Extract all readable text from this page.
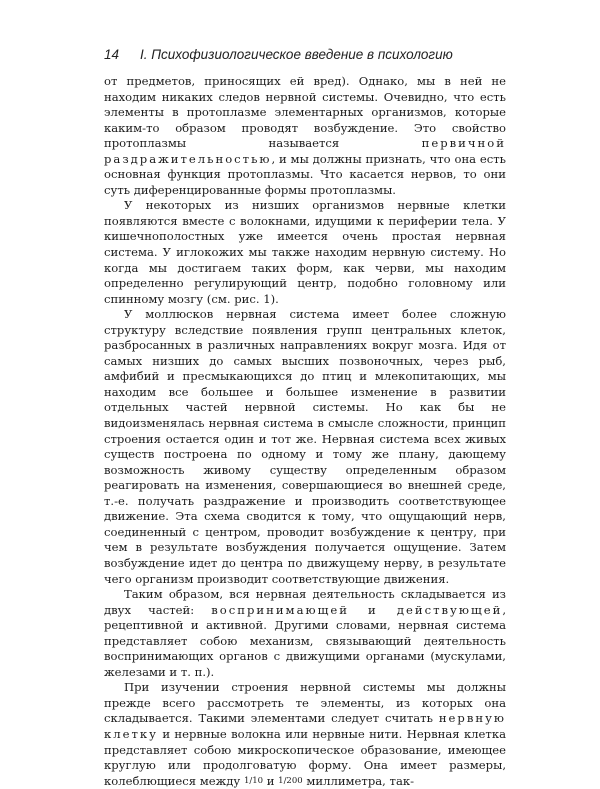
14 I. Психофизиологическое введение в психологию

от предметов, приносящих ей вред). Однако, мы в ней не находим никаких следов нервной системы. Очевидно, что есть элементы в протоплазме элементарных организмов, которые каким-то образом проводят возбуждение. Это свойство протоплазмы называется первичной раздражительностью, и мы должны признать, что она есть основная функция протоплазмы. Что касается нервов, то они суть диференцированные формы протоплазмы.

У некоторых из низших организмов нервные клетки появляются вместе с волокнами, идущими к периферии тела. У кишечнополостных уже имеется очень простая нервная система. У иглокожих мы также находим нервную систему. Но когда мы достигаем таких форм, как черви, мы находим определенно регулирующий центр, подобно головному или спинному мозгу (см. рис. 1).

У моллюсков нервная система имеет более сложную структуру вследствие появления групп центральных клеток, разбросанных в различных направлениях вокруг мозга. Идя от самых низших до самых высших позвоночных, через рыб, амфибий и пресмыкающихся до птиц и млекопитающих, мы находим все большее и большее изменение в развитии отдельных частей нервной системы. Но как бы не видоизменялась нервная система в смысле сложности, принцип строения остается один и тот же. Нервная система всех живых существ построена по одному и тому же плану, дающему возможность живому существу определенным образом реагировать на изменения, совершающиеся во внешней среде, т.-е. получать раздражение и производить соответствующее движение. Эта схема сводится к тому, что ощущающий нерв, соединенный с центром, проводит возбуждение к центру, при чем в результате возбуждения получается ощущение. Затем возбуждение идет до центра по движущему нерву, в результате чего организм производит соответствующие движения.

Таким образом, вся нервная деятельность складывается из двух частей: воспринимающей и действующей, рецептивной и активной. Другими словами, нервная система представляет собою механизм, связывающий деятельность воспринимающих органов с движущими органами (мускулами, железами и т. п.).

При изучении строения нервной системы мы должны прежде всего рассмотреть те элементы, из которых она складывается. Такими элементами следует считать нервную клетку и нервные волокна или нервные нити. Нервная клетка представляет собою микроскопическое образование, имеющее круглую или продолговатую форму. Она имеет размеры, колеблющиеся между 1/10 и 1/200 миллиметра, так-
